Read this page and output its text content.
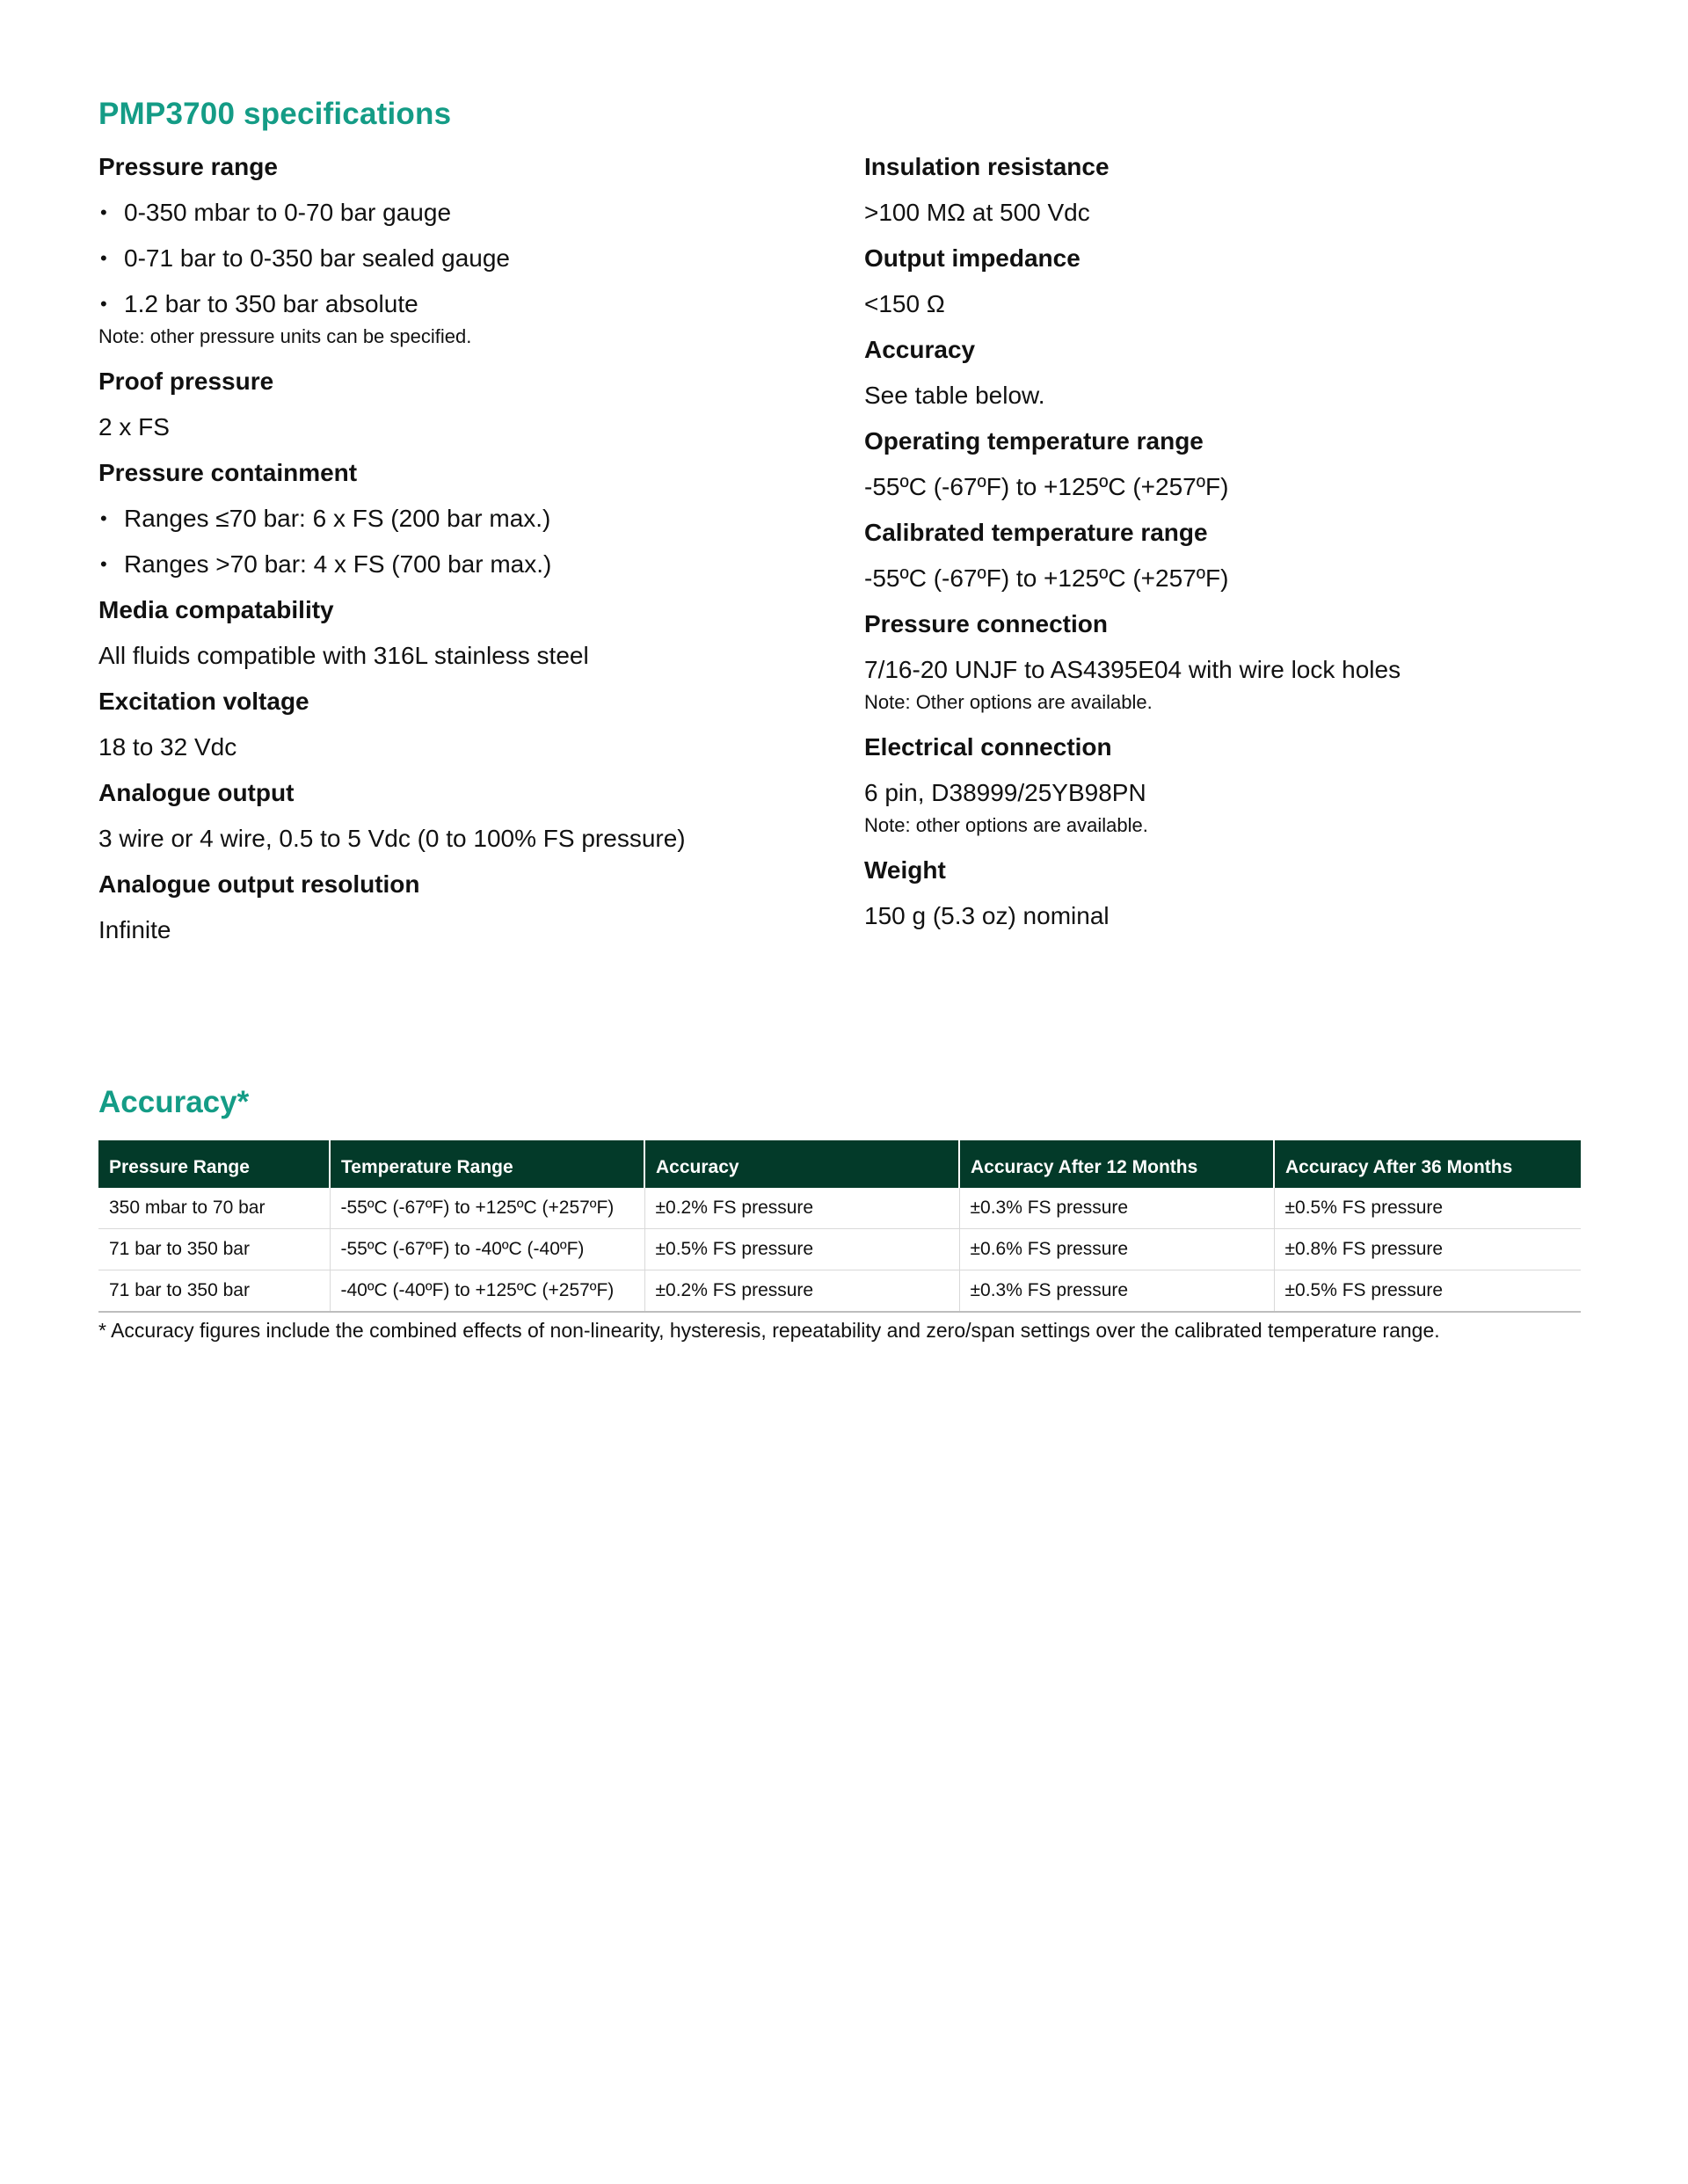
PMP3700 specifications
Pressure range
• 0-350 mbar to 0-70 bar gauge
• 0-71 bar to 0-350 bar sealed gauge
• 1.2 bar to 350 bar absolute

Note: other pressure units can be specified.

Proof pressure
2 x FS
Pressure containment
• Ranges ≤70 bar: 6 x FS (200 bar max.)
• Ranges >70 bar: 4 x FS (700 bar max.)
Media compatability
All fluids compatible with 316L stainless steel
Excitation voltage
18 to 32 Vdc
Analogue output
3 wire or 4 wire, 0.5 to 5 Vdc (0 to 100% FS pressure)
Analogue output resolution
Infinite
Insulation resistance
>100 MΩ at 500 Vdc
Output impedance
<150 Ω
Accuracy
See table below.
Operating temperature range
-55ºC (-67ºF) to +125ºC (+257ºF)
Calibrated temperature range
-55ºC (-67ºF) to +125ºC (+257ºF)
Pressure connection
7/16-20 UNJF to AS4395E04 with wire lock holes

Note: Other options are available.

Electrical connection
6 pin, D38999/25YB98PN

Note: other options are available.

Weight
150 g (5.3 oz) nominal
Accuracy*
Pressure Range	Temperature Range	Accuracy	Accuracy After 12 Months	Accuracy After 36 Months
350 mbar to 70 bar	-55ºC (-67ºF) to +125ºC (+257ºF)	±0.2% FS pressure	±0.3% FS pressure	±0.5% FS pressure
71 bar to 350 bar	-55ºC (-67ºF) to -40ºC (-40ºF)	±0.5% FS pressure	±0.6% FS pressure	±0.8% FS pressure
71 bar to 350 bar	-40ºC (-40ºF) to +125ºC (+257ºF)	±0.2% FS pressure	±0.3% FS pressure	±0.5% FS pressure

* Accuracy figures include the combined effects of non-linearity, hysteresis, repeatability and zero/span settings over the calibrated temperature range.
